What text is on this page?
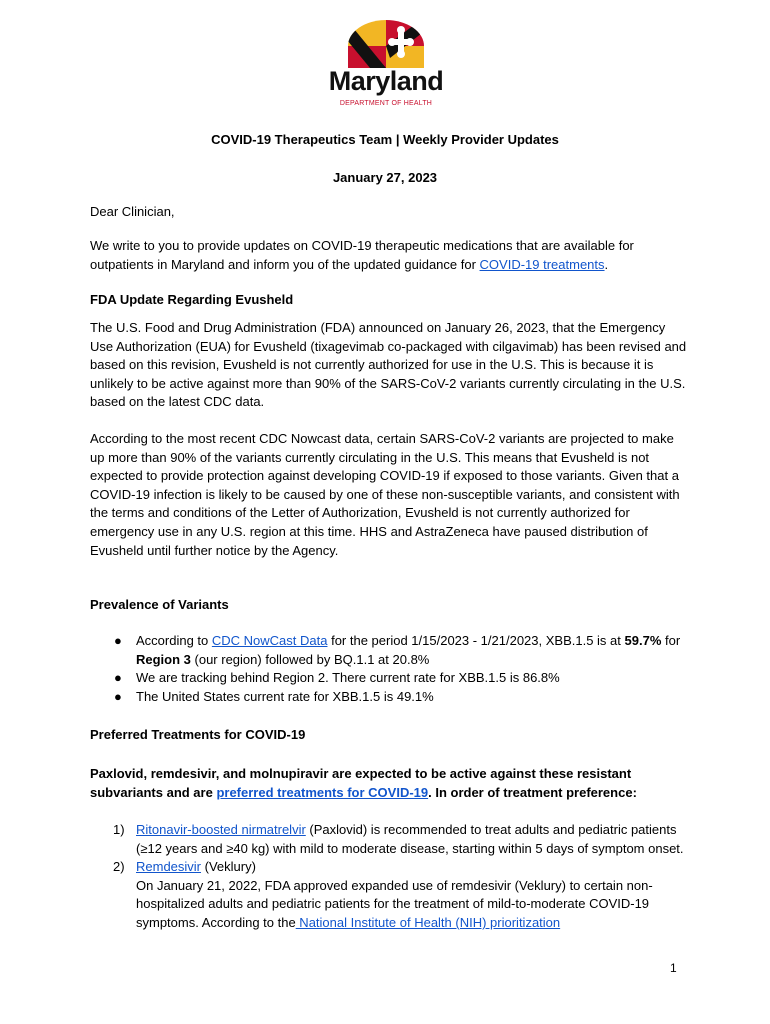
Maryland
DEPARTMENT OF HEALTH
COVID-19 Therapeutics Team | Weekly Provider Updates
January 27, 2023
Dear Clinician,
We write to you to provide updates on COVID-19 therapeutic medications that are available for outpatients in Maryland and inform you of the updated guidance for COVID-19 treatments.
FDA Update Regarding Evusheld
The U.S. Food and Drug Administration (FDA) announced on January 26, 2023, that the Emergency Use Authorization (EUA) for Evusheld (tixagevimab co-packaged with cilgavimab) has been revised and based on this revision, Evusheld is not currently authorized for use in the U.S. This is because it is unlikely to be active against more than 90% of the SARS-CoV-2 variants currently circulating in the U.S. based on the latest CDC data.
According to the most recent CDC Nowcast data, certain SARS-CoV-2 variants are projected to make up more than 90% of the variants currently circulating in the U.S. This means that Evusheld is not expected to provide protection against developing COVID-19 if exposed to those variants. Given that a COVID-19 infection is likely to be caused by one of these non-susceptible variants, and consistent with the terms and conditions of the Letter of Authorization, Evusheld is not currently authorized for emergency use in any U.S. region at this time. HHS and AstraZeneca have paused distribution of Evusheld until further notice by the Agency.
Prevalence of Variants
● According to CDC NowCast Data for the period 1/15/2023 - 1/21/2023, XBB.1.5 is at 59.7% for Region 3 (our region) followed by BQ.1.1 at 20.8%
● We are tracking behind Region 2. There current rate for XBB.1.5 is 86.8%
● The United States current rate for XBB.1.5 is 49.1%
Preferred Treatments for COVID-19
Paxlovid, remdesivir, and molnupiravir are expected to be active against these resistant subvariants and are preferred treatments for COVID-19. In order of treatment preference:
1) Ritonavir-boosted nirmatrelvir (Paxlovid) is recommended to treat adults and pediatric patients (≥12 years and ≥40 kg) with mild to moderate disease, starting within 5 days of symptom onset.
2) Remdesivir (Veklury)
On January 21, 2022, FDA approved expanded use of remdesivir (Veklury) to certain non-hospitalized adults and pediatric patients for the treatment of mild-to-moderate COVID-19 symptoms. According to the National Institute of Health (NIH) prioritization
1
